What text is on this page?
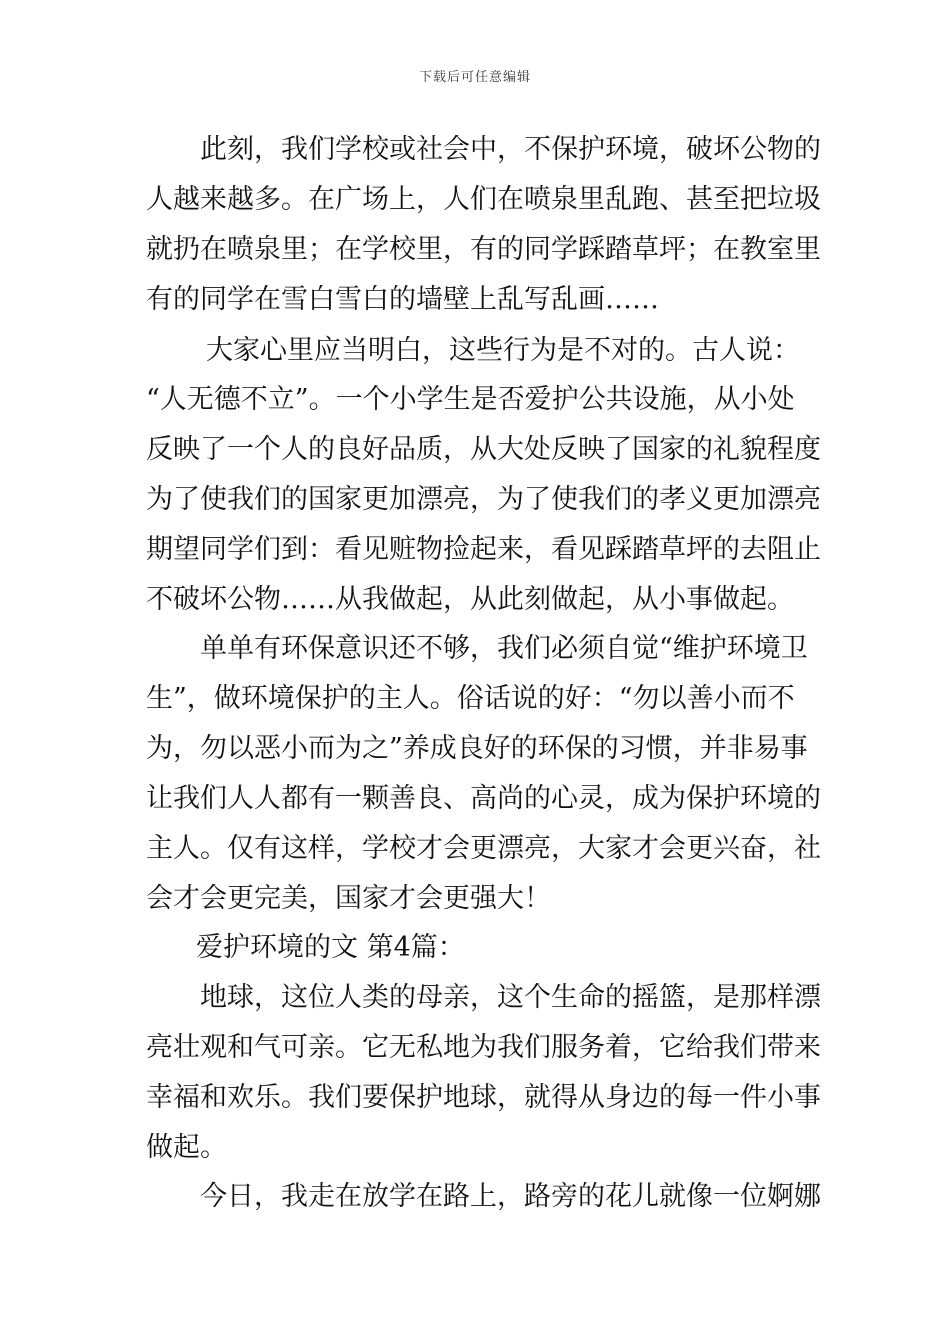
下载后可任意编辑
此刻，我们学校或社会中，不保护环境，破坏公物的
人越来越多。在广场上，人们在喷泉里乱跑、甚至把垃圾
就扔在喷泉里；在学校里，有的同学踩踏草坪；在教室里
有的同学在雪白雪白的墙壁上乱写乱画……
大家心里应当明白，这些行为是不对的。古人说：
“人无德不立”。一个小学生是否爱护公共设施，从小处
反映了一个人的良好品质，从大处反映了国家的礼貌程度
为了使我们的国家更加漂亮，为了使我们的孝义更加漂亮
期望同学们到：看见赃物捡起来，看见踩踏草坪的去阻止
不破坏公物……从我做起，从此刻做起，从小事做起。
单单有环保意识还不够，我们必须自觉“维护环境卫
生”，做环境保护的主人。俗话说的好：“勿以善小而不
为，勿以恶小而为之”养成良好的环保的习惯，并非易事
让我们人人都有一颗善良、高尚的心灵，成为保护环境的
主人。仅有这样，学校才会更漂亮，大家才会更兴奋，社
会才会更完美，国家才会更强大！
爱护环境的文 第4篇：
地球，这位人类的母亲，这个生命的摇篮，是那样漂
亮壮观和气可亲。它无私地为我们服务着，它给我们带来
幸福和欢乐。我们要保护地球，就得从身边的每一件小事
做起。
今日，我走在放学在路上，路旁的花儿就像一位婀娜
